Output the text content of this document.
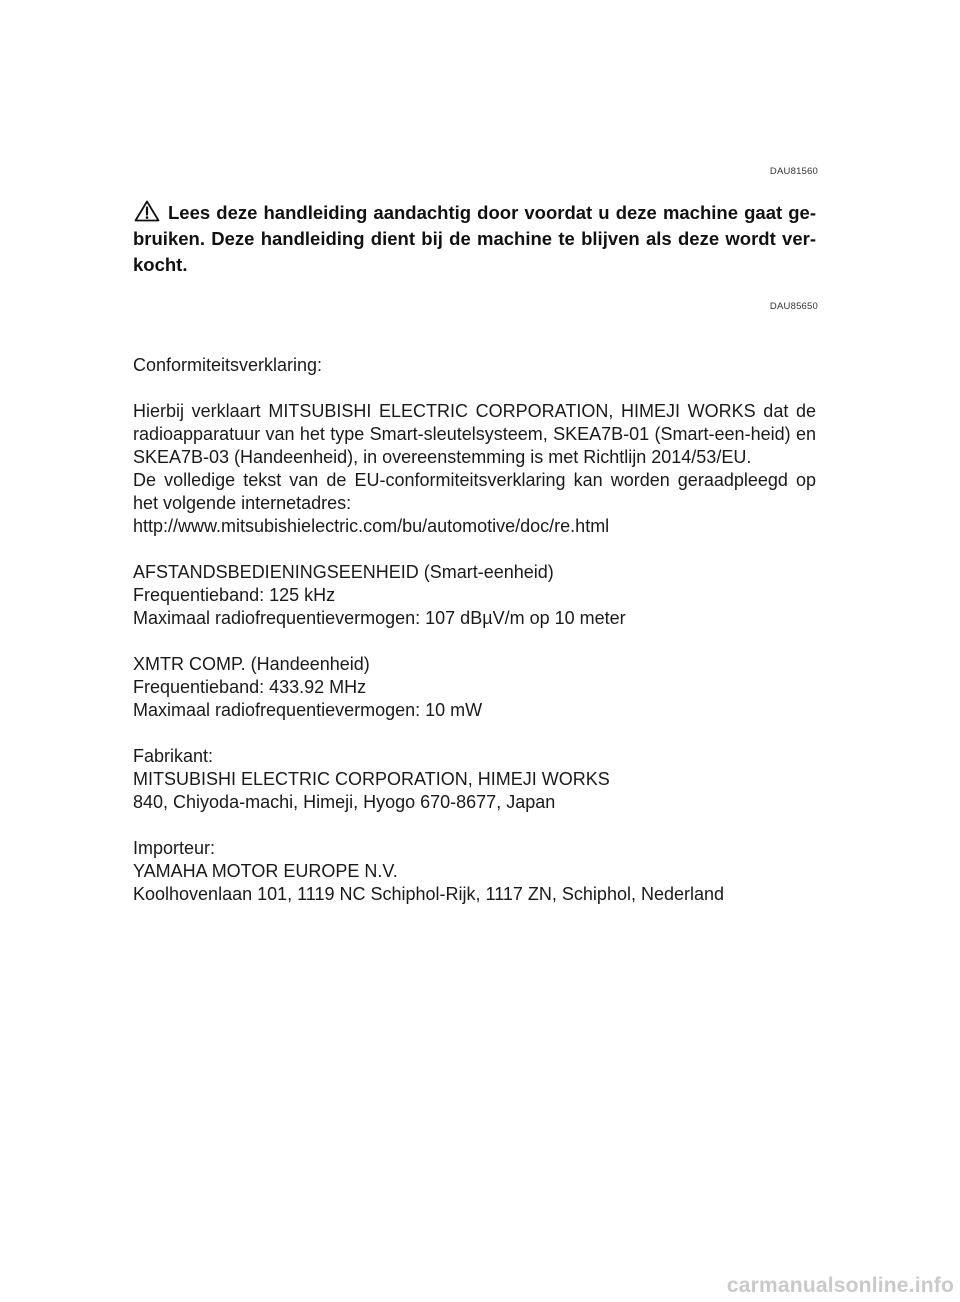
DAU81560
Lees deze handleiding aandachtig door voordat u deze machine gaat ge-bruiken. Deze handleiding dient bij de machine te blijven als deze wordt ver-kocht.
DAU85650
Conformiteitsverklaring:
Hierbij verklaart MITSUBISHI ELECTRIC CORPORATION, HIMEJI WORKS dat de radioapparatuur van het type Smart-sleutelsysteem, SKEA7B-01 (Smart-een-heid) en SKEA7B-03 (Handeenheid), in overeenstemming is met Richtlijn 2014/53/EU.
De volledige tekst van de EU-conformiteitsverklaring kan worden geraadpleegd op het volgende internetadres:
http://www.mitsubishielectric.com/bu/automotive/doc/re.html
AFSTANDSBEDIENINGSEENHEID (Smart-eenheid)
Frequentieband: 125 kHz
Maximaal radiofrequentievermogen: 107 dBµV/m op 10 meter
XMTR COMP. (Handeenheid)
Frequentieband: 433.92 MHz
Maximaal radiofrequentievermogen: 10 mW
Fabrikant:
MITSUBISHI ELECTRIC CORPORATION, HIMEJI WORKS
840, Chiyoda-machi, Himeji, Hyogo 670-8677, Japan
Importeur:
YAMAHA MOTOR EUROPE N.V.
Koolhovenlaan 101, 1119 NC Schiphol-Rijk, 1117 ZN, Schiphol, Nederland
carmanualsonline.info
